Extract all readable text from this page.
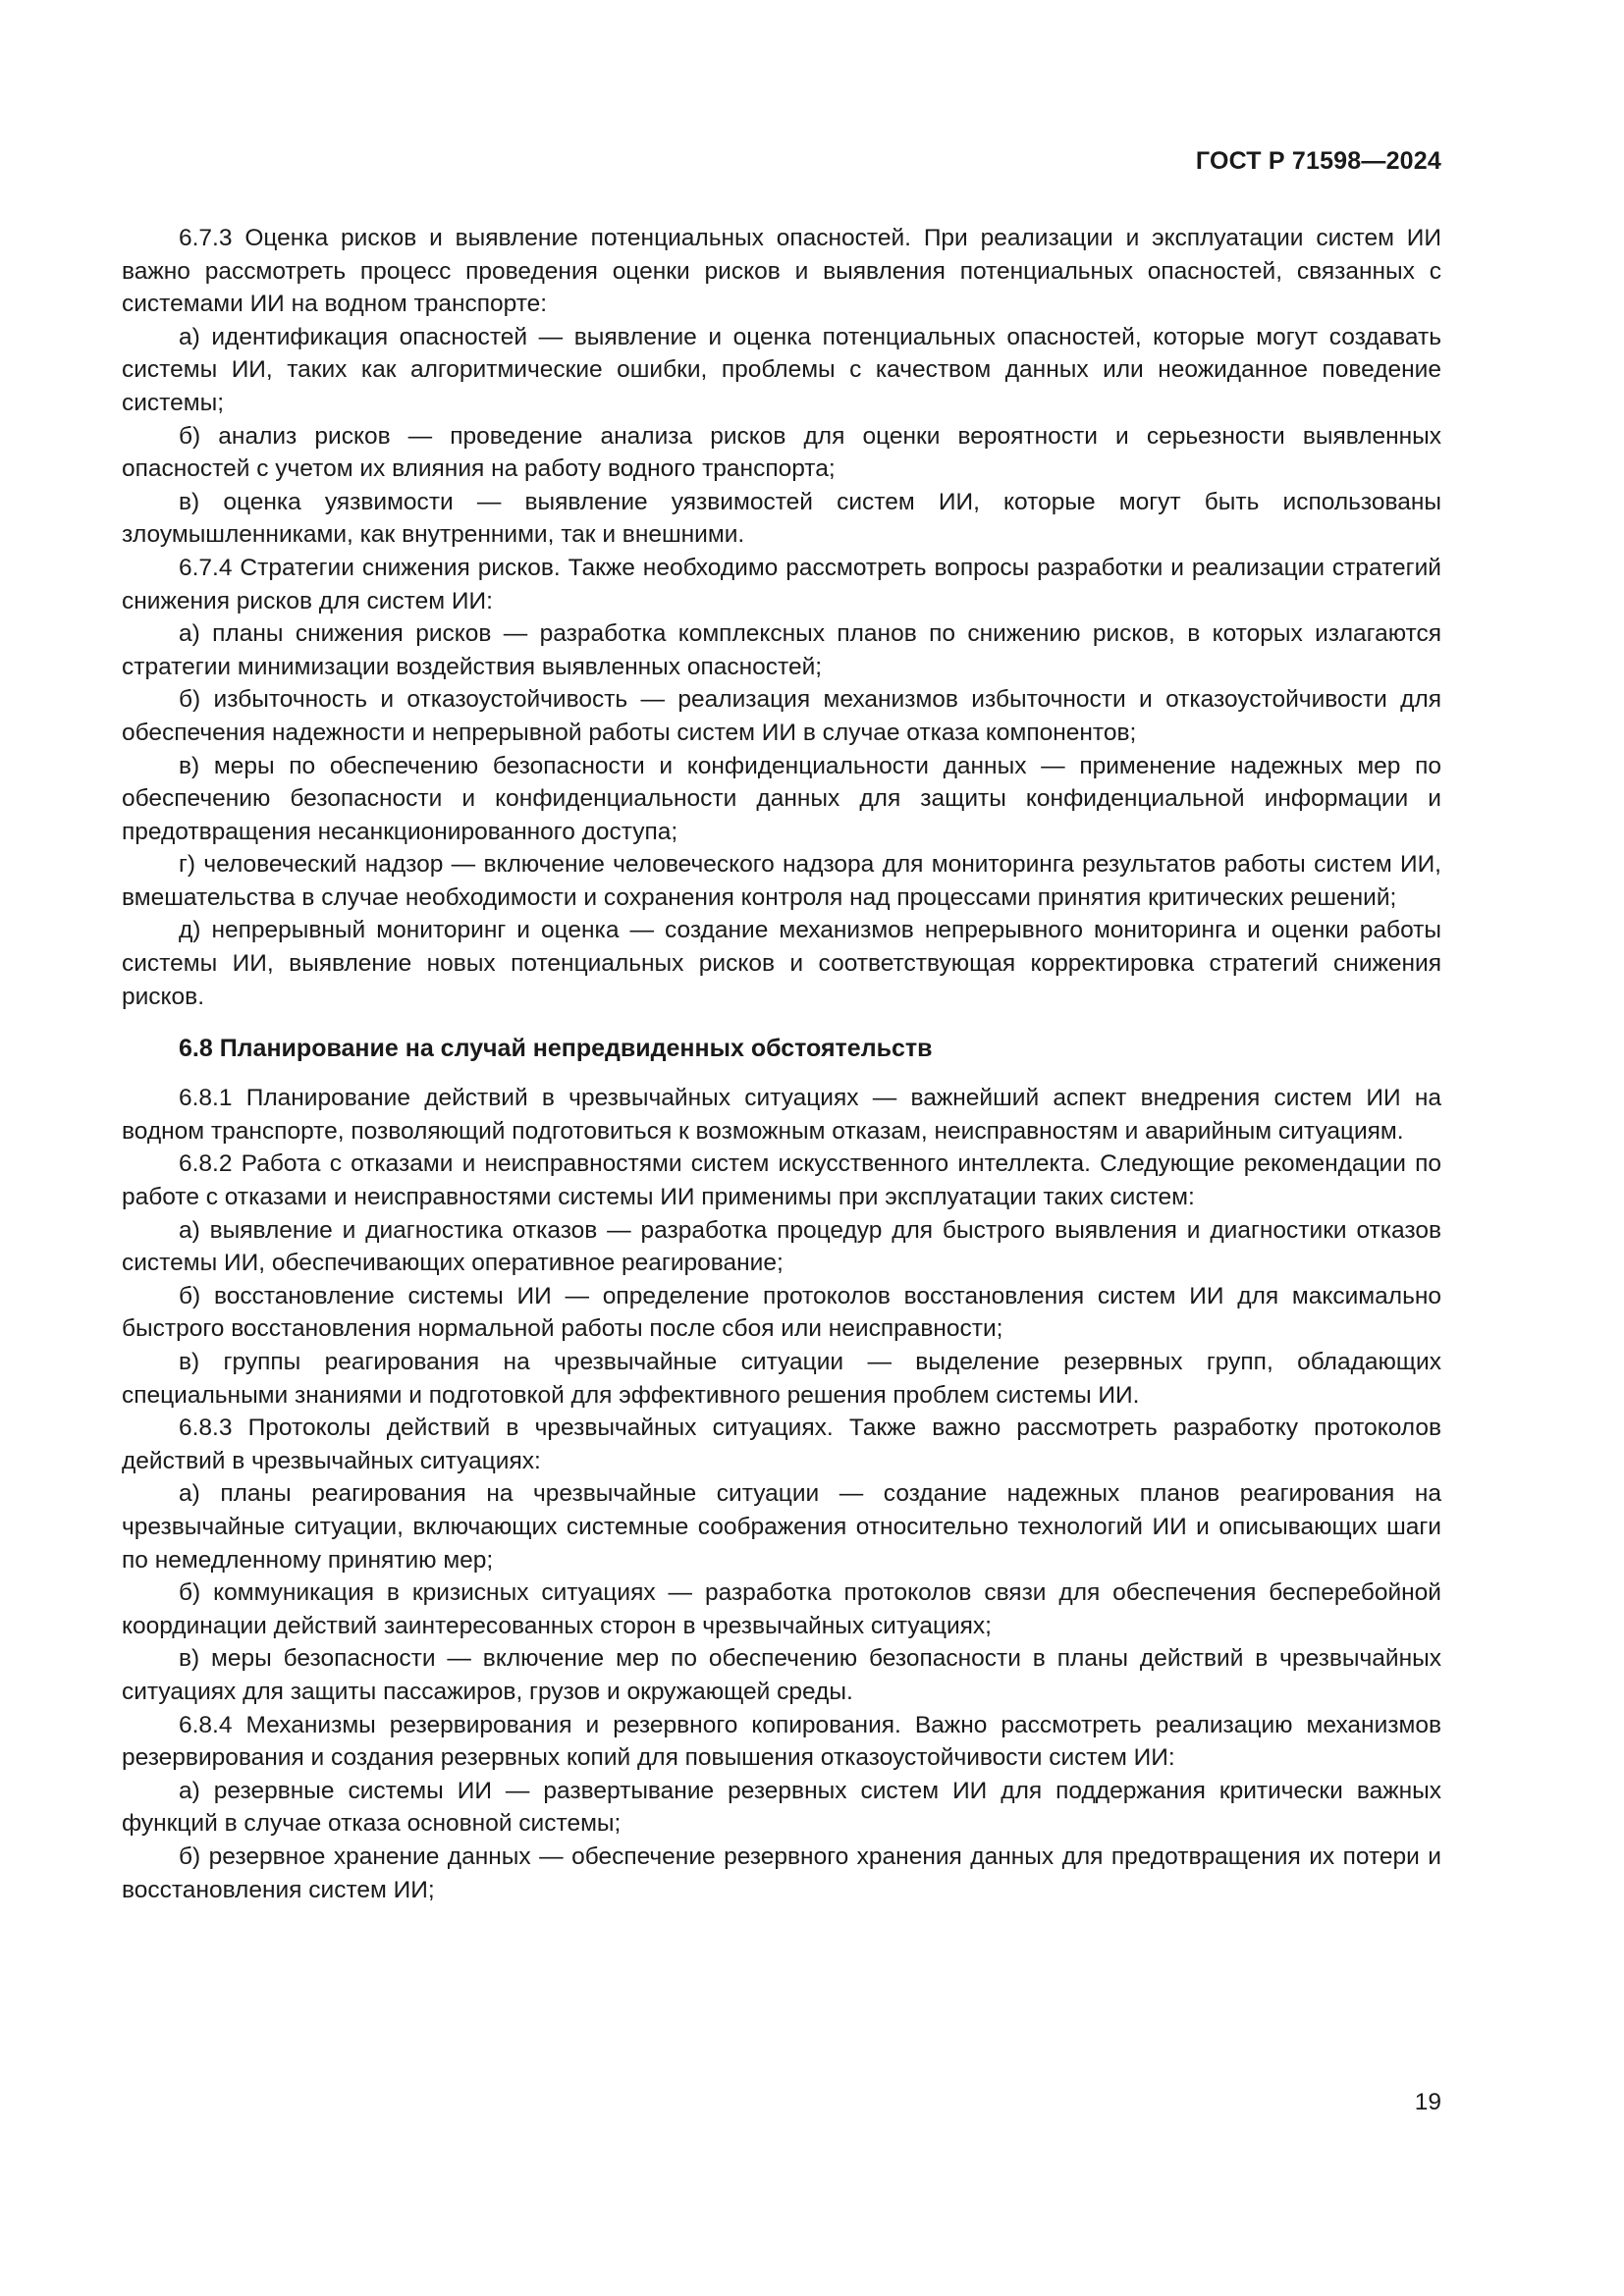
ГОСТ Р 71598—2024

6.7.3 Оценка рисков и выявление потенциальных опасностей. При реализации и эксплуатации систем ИИ важно рассмотреть процесс проведения оценки рисков и выявления потенциальных опасностей, связанных с системами ИИ на водном транспорте:

а) идентификация опасностей — выявление и оценка потенциальных опасностей, которые могут создавать системы ИИ, таких как алгоритмические ошибки, проблемы с качеством данных или неожиданное поведение системы;

б) анализ рисков — проведение анализа рисков для оценки вероятности и серьезности выявленных опасностей с учетом их влияния на работу водного транспорта;

в) оценка уязвимости — выявление уязвимостей систем ИИ, которые могут быть использованы злоумышленниками, как внутренними, так и внешними.

6.7.4 Стратегии снижения рисков. Также необходимо рассмотреть вопросы разработки и реализации стратегий снижения рисков для систем ИИ:

а) планы снижения рисков — разработка комплексных планов по снижению рисков, в которых излагаются стратегии минимизации воздействия выявленных опасностей;

б) избыточность и отказоустойчивость — реализация механизмов избыточности и отказоустойчивости для обеспечения надежности и непрерывной работы систем ИИ в случае отказа компонентов;

в) меры по обеспечению безопасности и конфиденциальности данных — применение надежных мер по обеспечению безопасности и конфиденциальности данных для защиты конфиденциальной информации и предотвращения несанкционированного доступа;

г) человеческий надзор — включение человеческого надзора для мониторинга результатов работы систем ИИ, вмешательства в случае необходимости и сохранения контроля над процессами принятия критических решений;

д) непрерывный мониторинг и оценка — создание механизмов непрерывного мониторинга и оценки работы системы ИИ, выявление новых потенциальных рисков и соответствующая корректировка стратегий снижения рисков.

6.8 Планирование на случай непредвиденных обстоятельств

6.8.1 Планирование действий в чрезвычайных ситуациях — важнейший аспект внедрения систем ИИ на водном транспорте, позволяющий подготовиться к возможным отказам, неисправностям и аварийным ситуациям.

6.8.2 Работа с отказами и неисправностями систем искусственного интеллекта. Следующие рекомендации по работе с отказами и неисправностями системы ИИ применимы при эксплуатации таких систем:

а) выявление и диагностика отказов — разработка процедур для быстрого выявления и диагностики отказов системы ИИ, обеспечивающих оперативное реагирование;

б) восстановление системы ИИ — определение протоколов восстановления систем ИИ для максимально быстрого восстановления нормальной работы после сбоя или неисправности;

в) группы реагирования на чрезвычайные ситуации — выделение резервных групп, обладающих специальными знаниями и подготовкой для эффективного решения проблем системы ИИ.

6.8.3 Протоколы действий в чрезвычайных ситуациях. Также важно рассмотреть разработку протоколов действий в чрезвычайных ситуациях:

а) планы реагирования на чрезвычайные ситуации — создание надежных планов реагирования на чрезвычайные ситуации, включающих системные соображения относительно технологий ИИ и описывающих шаги по немедленному принятию мер;

б) коммуникация в кризисных ситуациях — разработка протоколов связи для обеспечения бесперебойной координации действий заинтересованных сторон в чрезвычайных ситуациях;

в) меры безопасности — включение мер по обеспечению безопасности в планы действий в чрезвычайных ситуациях для защиты пассажиров, грузов и окружающей среды.

6.8.4 Механизмы резервирования и резервного копирования. Важно рассмотреть реализацию механизмов резервирования и создания резервных копий для повышения отказоустойчивости систем ИИ:

а) резервные системы ИИ — развертывание резервных систем ИИ для поддержания критически важных функций в случае отказа основной системы;

б) резервное хранение данных — обеспечение резервного хранения данных для предотвращения их потери и восстановления систем ИИ;

19
